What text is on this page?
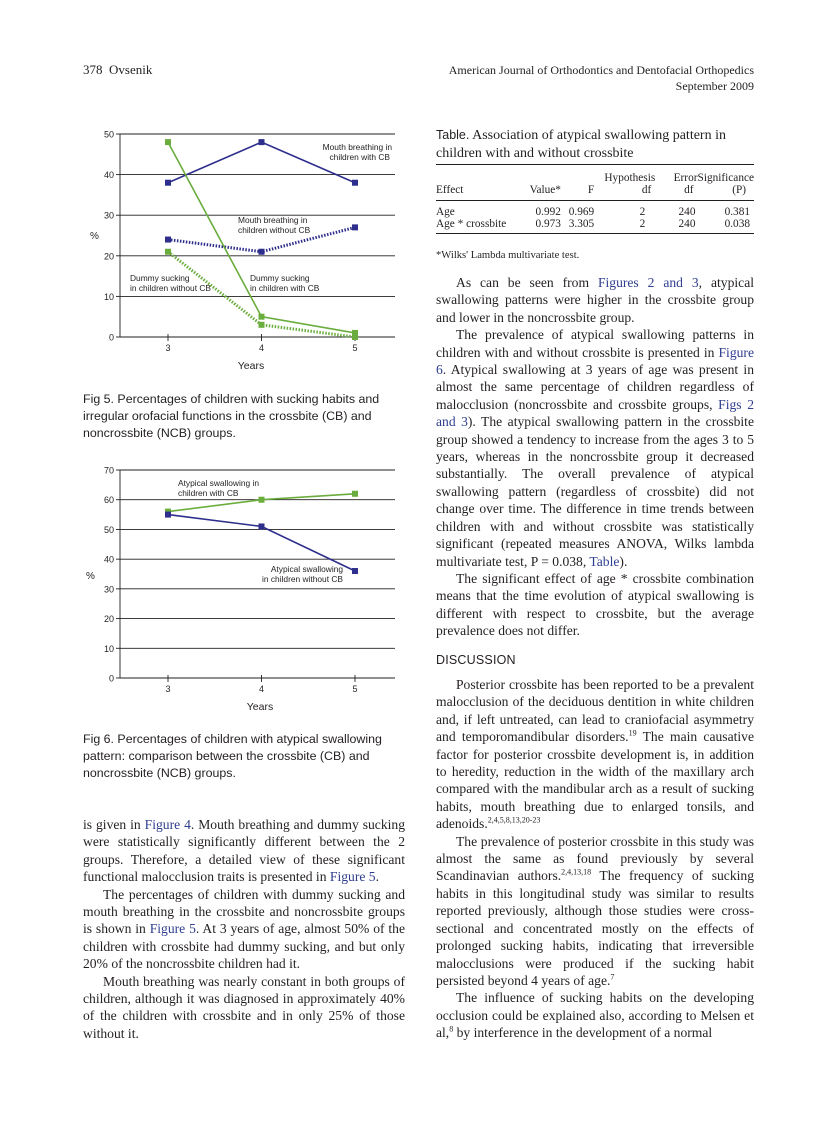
378 Ovsenik	American Journal of Orthodontics and Dentofacial Orthopedics
September 2009
0
10
20
30
40
50
3	4	5
Mouth breathing in children with CB
Mouth breathing in children without CB
Dummy sucking in children without CB
Dummy sucking in children with CB
%
Years
Fig 5. Percentages of children with sucking habits and irregular orofacial functions in the crossbite (CB) and noncrossbite (NCB) groups.
0
10
20
30
40
50
60
70
3	4	5
Atypical swallowing in children with CB
Atypical swallowing in children without CB
%
Years
Fig 6. Percentages of children with atypical swallowing pattern: comparison between the crossbite (CB) and noncrossbite (NCB) groups.

is given in Figure 4. Mouth breathing and dummy sucking were statistically significantly different between the 2 groups. Therefore, a detailed view of these significant functional malocclusion traits is presented in Figure 5.

The percentages of children with dummy sucking and mouth breathing in the crossbite and noncrossbite groups is shown in Figure 5. At 3 years of age, almost 50% of the children with crossbite had dummy sucking, and but only 20% of the noncrossbite children had it.

Mouth breathing was nearly constant in both groups of children, although it was diagnosed in approximately 40% of the children with crossbite and in only 25% of those without it.

Table. Association of atypical swallowing pattern in children with and without crossbite
			Hypothesis	Error	Significance
Effect	Value*	F	df	df	(P)
Age	0.992	0.969	2	240	0.381
Age * crossbite	0.973	3.305	2	240	0.038
*Wilks' Lambda multivariate test.

As can be seen from Figures 2 and 3, atypical swallowing patterns were higher in the crossbite group and lower in the noncrossbite group.

The prevalence of atypical swallowing patterns in children with and without crossbite is presented in Figure 6. Atypical swallowing at 3 years of age was present in almost the same percentage of children regardless of malocclusion (noncrossbite and crossbite groups, Figs 2 and 3). The atypical swallowing pattern in the crossbite group showed a tendency to increase from the ages 3 to 5 years, whereas in the noncrossbite group it decreased substantially. The overall prevalence of atypical swallowing pattern (regardless of crossbite) did not change over time. The difference in time trends between children with and without crossbite was statistically significant (repeated measures ANOVA, Wilks lambda multivariate test, P = 0.038, Table).

The significant effect of age * crossbite combination means that the time evolution of atypical swallowing is different with respect to crossbite, but the average prevalence does not differ.

DISCUSSION

Posterior crossbite has been reported to be a prevalent malocclusion of the deciduous dentition in white children and, if left untreated, can lead to craniofacial asymmetry and temporomandibular disorders.$^{19}$ The main causative factor for posterior crossbite development is, in addition to heredity, reduction in the width of the maxillary arch compared with the mandibular arch as a result of sucking habits, mouth breathing due to enlarged tonsils, and adenoids.$^{2,4,5,8,13,20-23}$

The prevalence of posterior crossbite in this study was almost the same as found previously by several Scandinavian authors.$^{2,4,13,18}$ The frequency of sucking habits in this longitudinal study was similar to results reported previously, although those studies were cross-sectional and concentrated mostly on the effects of prolonged sucking habits, indicating that irreversible malocclusions were produced if the sucking habit persisted beyond 4 years of age.$^7$

The influence of sucking habits on the developing occlusion could be explained also, according to Melsen et al,$^8$ by interference in the development of a normal
